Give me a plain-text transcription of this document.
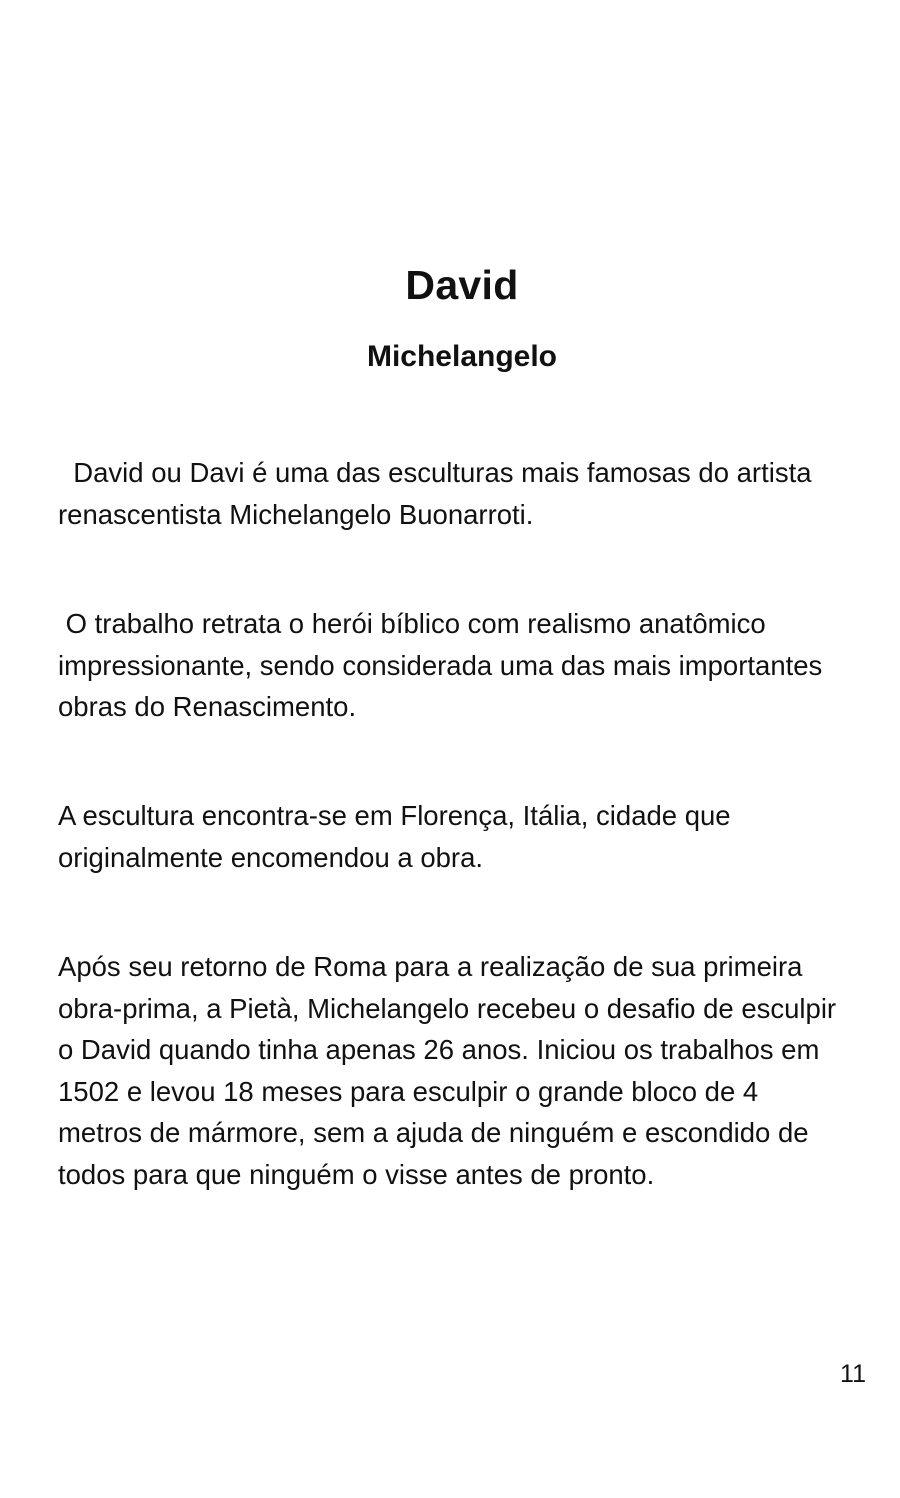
David
Michelangelo

David ou Davi é uma das esculturas mais famosas do artista
renascentista Michelangelo Buonarroti.

O trabalho retrata o herói bíblico com realismo anatômico
impressionante, sendo considerada uma das mais importantes
obras do Renascimento.

A escultura encontra-se em Florença, Itália, cidade que
originalmente encomendou a obra.

Após seu retorno de Roma para a realização de sua primeira
obra-prima, a Pietà, Michelangelo recebeu o desafio de esculpir
o David quando tinha apenas 26 anos. Iniciou os trabalhos em
1502 e levou 18 meses para esculpir o grande bloco de 4
metros de mármore, sem a ajuda de ninguém e escondido de
todos para que ninguém o visse antes de pronto.

11
